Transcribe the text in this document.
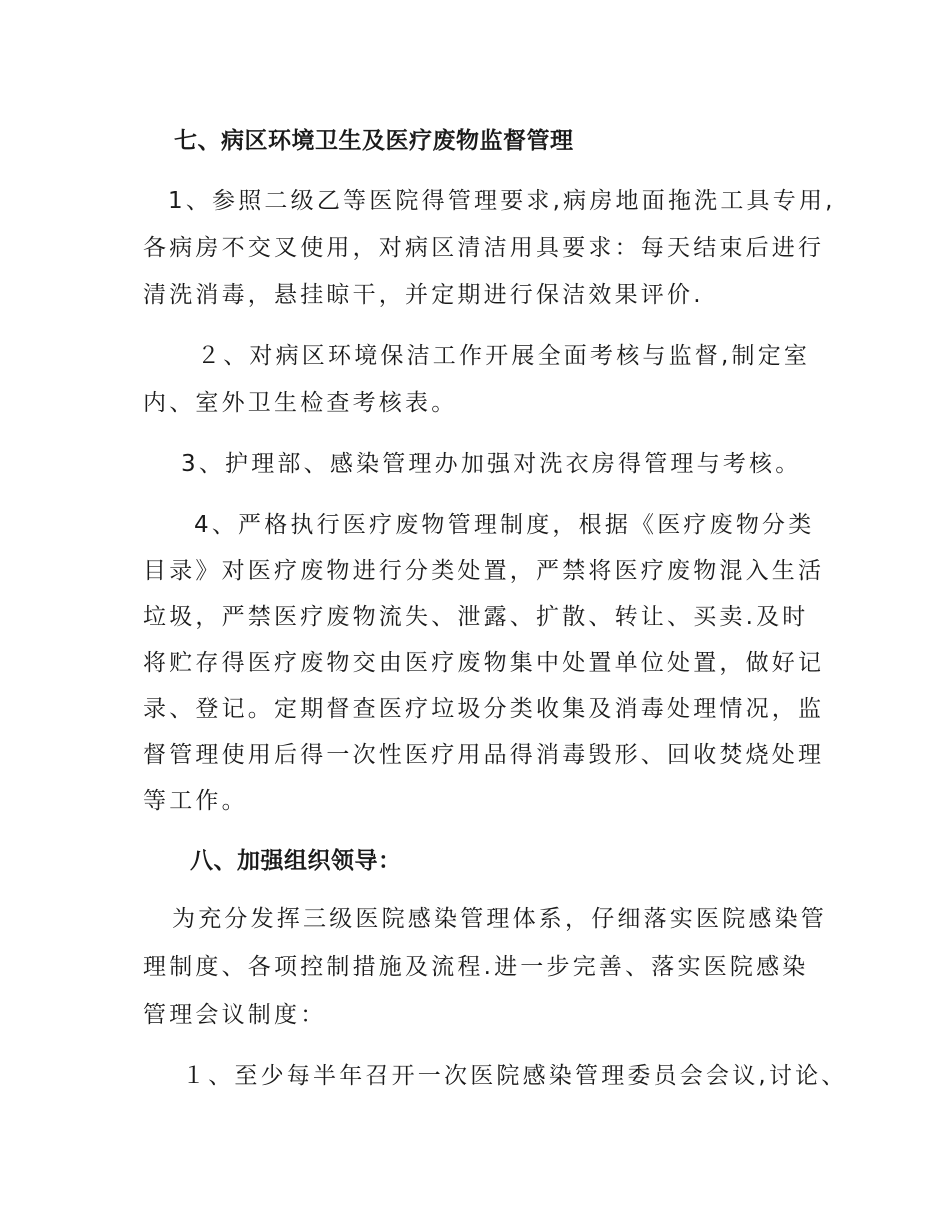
七、病区环境卫生及医疗废物监督管理
1、参照二级乙等医院得管理要求,病房地面拖洗工具专用,
各病房不交叉使用，对病区清洁用具要求：每天结束后进行
清洗消毒，悬挂晾干，并定期进行保洁效果评价.
２、对病区环境保洁工作开展全面考核与监督,制定室
内、室外卫生检查考核表。
3、护理部、感染管理办加强对洗衣房得管理与考核。
4、严格执行医疗废物管理制度，根据《医疗废物分类
目录》对医疗废物进行分类处置，严禁将医疗废物混入生活
垃圾，严禁医疗废物流失、泄露、扩散、转让、买卖.及时
将贮存得医疗废物交由医疗废物集中处置单位处置，做好记
录、登记。定期督查医疗垃圾分类收集及消毒处理情况，监
督管理使用后得一次性医疗用品得消毒毁形、回收焚烧处理
等工作。
八、加强组织领导：
为充分发挥三级医院感染管理体系，仔细落实医院感染管
理制度、各项控制措施及流程.进一步完善、落实医院感染
管理会议制度：
１、至少每半年召开一次医院感染管理委员会会议,讨论、
